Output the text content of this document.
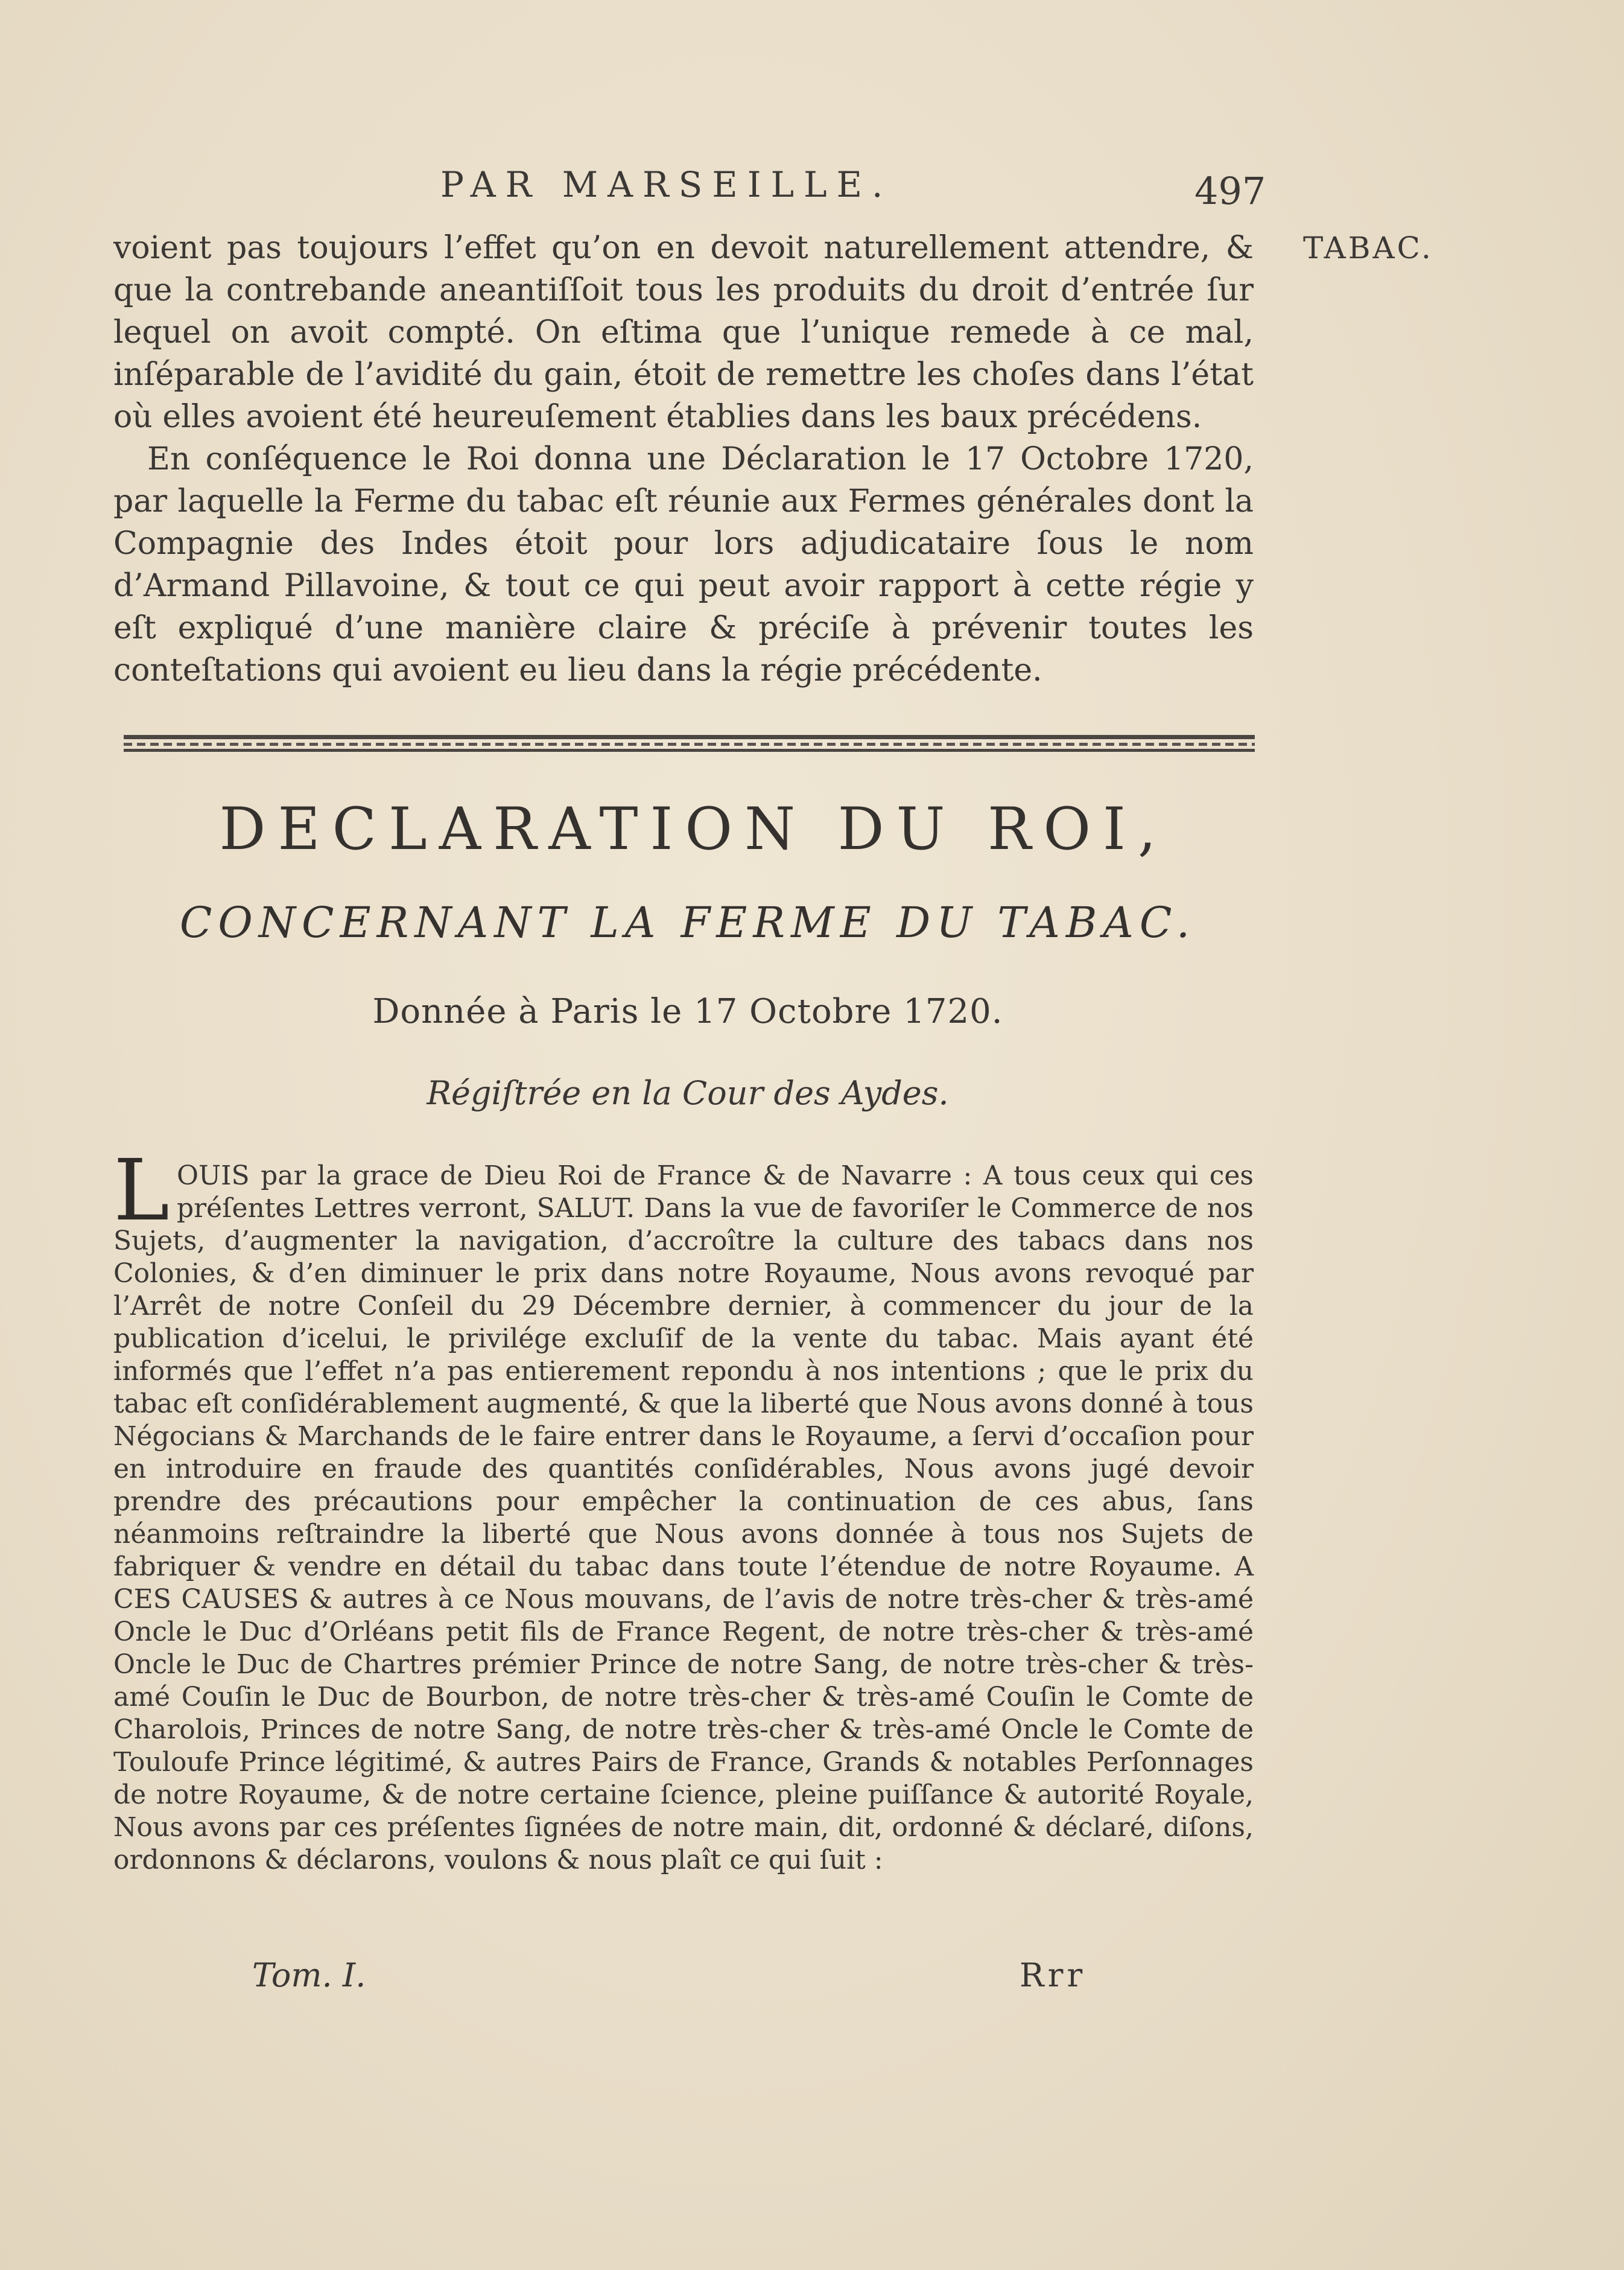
PAR MARSEILLE.	497
TABAC.

voient pas toujours l’effet qu’on en devoit naturellement attendre, & que la contrebande aneantiſſoit tous les produits du droit d’entrée ſur lequel on avoit compté. On eſtima que l’unique remede à ce mal, inſéparable de l’avidité du gain, étoit de remettre les choſes dans l’état où elles avoient été heureuſement établies dans les baux précédens.

En conſéquence le Roi donna une Déclaration le 17 Octobre 1720, par laquelle la Ferme du tabac eſt réunie aux Fermes générales dont la Compagnie des Indes étoit pour lors adjudicataire ſous le nom d’Armand Pillavoine, & tout ce qui peut avoir rapport à cette régie y eſt expliqué d’une manière claire & préciſe à prévenir toutes les conteſtations qui avoient eu lieu dans la régie précédente.

DECLARATION DU ROI,
CONCERNANT LA FERME DU TABAC.
Donnée à Paris le 17 Octobre 1720.
Régiſtrée en la Cour des Aydes.
L OUIS par la grace de Dieu Roi de France & de Navarre : A tous ceux qui ces préſentes Lettres verront, SALUT. Dans la vue de favoriſer le Commerce de nos Sujets, d’augmenter la navigation, d’accroître la culture des tabacs dans nos Colonies, & d’en diminuer le prix dans notre Royaume, Nous avons revoqué par l’Arrêt de notre Conſeil du 29 Décembre dernier, à commencer du jour de la publication d’icelui, le privilége excluſif de la vente du tabac. Mais ayant été informés que l’effet n’a pas entierement repondu à nos intentions ; que le prix du tabac eſt conſidérablement augmenté, & que la liberté que Nous avons donné à tous Négocians & Marchands de le faire entrer dans le Royaume, a ſervi d’occaſion pour en introduire en fraude des quantités conſidérables, Nous avons jugé devoir prendre des précautions pour empêcher la continuation de ces abus, ſans néanmoins reſtraindre la liberté que Nous avons donnée à tous nos Sujets de fabriquer & vendre en détail du tabac dans toute l’étendue de notre Royaume. A CES CAUSES & autres à ce Nous mouvans, de l’avis de notre très-cher & très-amé Oncle le Duc d’Orléans petit fils de France Regent, de notre très-cher & très-amé Oncle le Duc de Chartres prémier Prince de notre Sang, de notre très-cher & très-amé Couſin le Duc de Bourbon, de notre très-cher & très-amé Couſin le Comte de Charolois, Princes de notre Sang, de notre très-cher & très-amé Oncle le Comte de Touloufe Prince légitimé, & autres Pairs de France, Grands & notables Perſonnages de notre Royaume, & de notre certaine ſcience, pleine puiſſance & autorité Royale, Nous avons par ces préſentes ſignées de notre main, dit, ordonné & déclaré, diſons, ordonnons & déclarons, voulons & nous plaît ce qui ſuit :
Tom. I.	Rrr
